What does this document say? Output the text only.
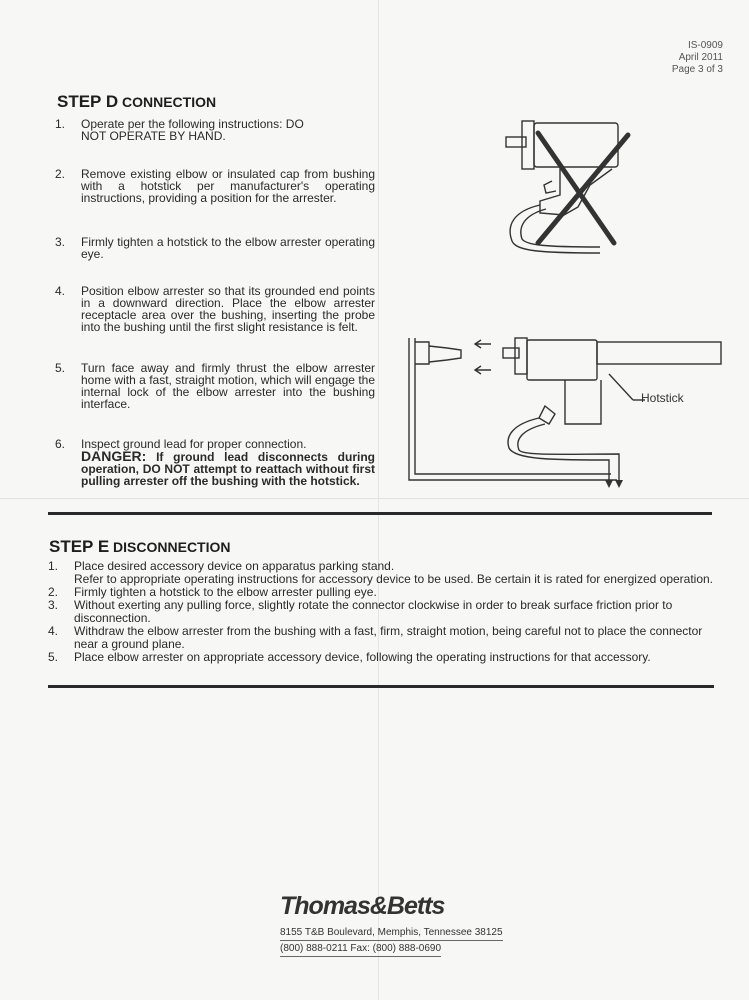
IS-0909
April 2011
Page 3 of 3
STEP D CONNECTION
1. Operate per the following instructions: DO NOT OPERATE BY HAND.
2. Remove existing elbow or insulated cap from bushing with a hotstick per manufacturer's operating instructions, providing a position for the arrester.
3. Firmly tighten a hotstick to the elbow arrester operating eye.
4. Position elbow arrester so that its grounded end points in a downward direction. Place the elbow arrester receptacle area over the bushing, inserting the probe into the bushing until the first slight resistance is felt.
5. Turn face away and firmly thrust the elbow arrester home with a fast, straight motion, which will engage the internal lock of the elbow arrester into the bushing interface.
6. Inspect ground lead for proper connection.
DANGER: If ground lead disconnects during operation, DO NOT attempt to reattach without first pulling arrester off the bushing with the hotstick.
Hotstick
STEP E DISCONNECTION
1. Place desired accessory device on apparatus parking stand.
Refer to appropriate operating instructions for accessory device to be used. Be certain it is rated for energized operation.
2. Firmly tighten a hotstick to the elbow arrester pulling eye.
3. Without exerting any pulling force, slightly rotate the connector clockwise in order to break surface friction prior to disconnection.
4. Withdraw the elbow arrester from the bushing with a fast, firm, straight motion, being careful not to place the connector near a ground plane.
5. Place elbow arrester on appropriate accessory device, following the operating instructions for that accessory.
Thomas&Betts
8155 T&B Boulevard, Memphis, Tennessee 38125
(800) 888-0211 Fax: (800) 888-0690
